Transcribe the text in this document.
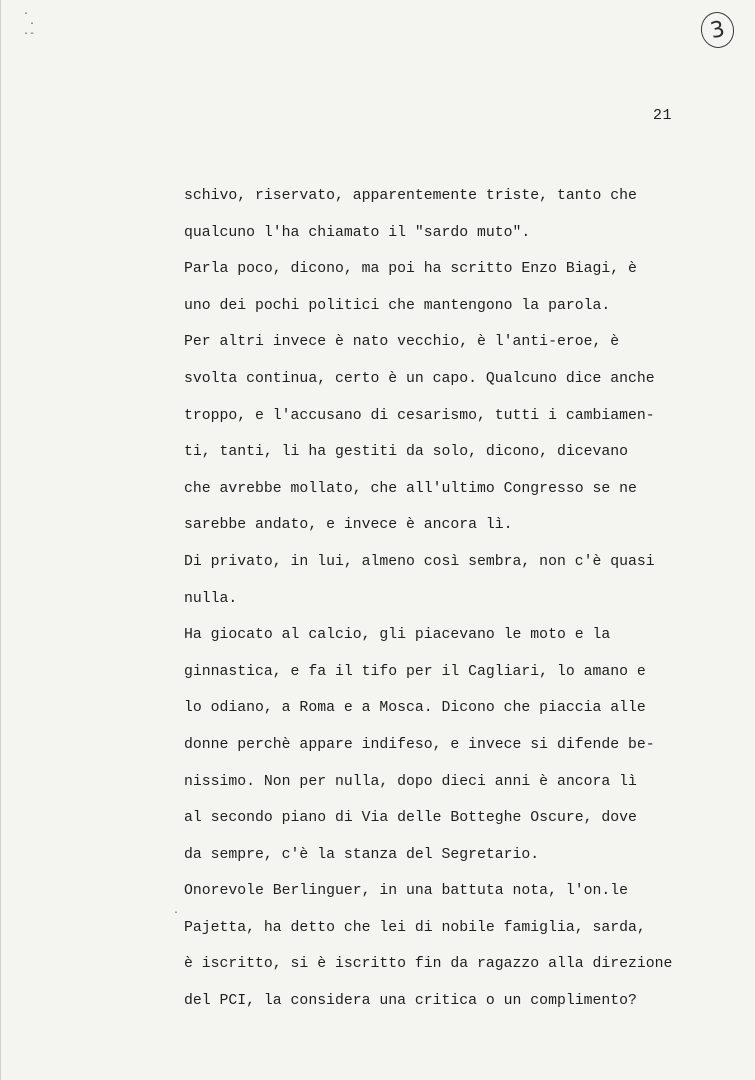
·
·
·-	3
21
schivo, riservato, apparentemente triste, tanto che
qualcuno l'ha chiamato il "sardo muto".
Parla poco, dicono, ma poi ha scritto Enzo Biagi, è
uno dei pochi politici che mantengono la parola.
Per altri invece è nato vecchio, è l'anti-eroe, è
svolta continua, certo è un capo. Qualcuno dice anche
troppo, e l'accusano di cesarismo, tutti i cambiamen-
ti, tanti, li ha gestiti da solo, dicono, dicevano
che avrebbe mollato, che all'ultimo Congresso se ne
sarebbe andato, e invece è ancora lì.
Di privato, in lui, almeno così sembra, non c'è quasi
nulla.
Ha giocato al calcio, gli piacevano le moto e la
ginnastica, e fa il tifo per il Cagliari, lo amano e
lo odiano, a Roma e a Mosca. Dicono che piaccia alle
donne perchè appare indifeso, e invece si difende be-
nissimo. Non per nulla, dopo dieci anni è ancora lì
al secondo piano di Via delle Botteghe Oscure, dove
da sempre, c'è la stanza del Segretario.
Onorevole Berlinguer, in una battuta nota, l'on.le
Pajetta, ha detto che lei di nobile famiglia, sarda,
è iscritto, si è iscritto fin da ragazzo alla direzione
del PCI, la considera una critica o un complimento?
·
